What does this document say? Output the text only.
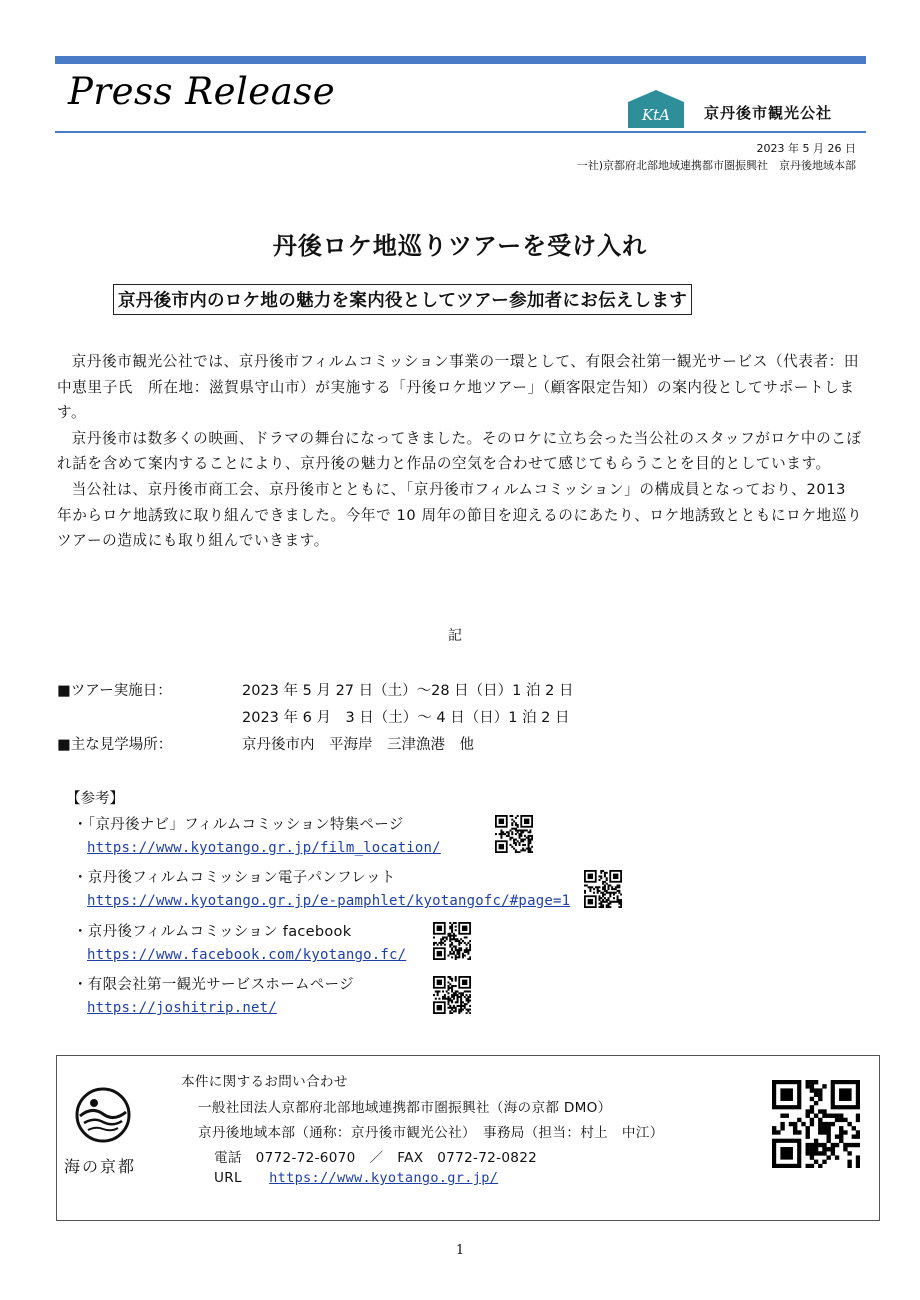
Press Release
KtA 京丹後市観光公社
2023 年 5 月 26 日
一社)京都府北部地域連携都市圏振興社　京丹後地域本部
丹後ロケ地巡りツアーを受け入れ
京丹後市内のロケ地の魅力を案内役としてツアー参加者にお伝えします

京丹後市観光公社では、京丹後市フィルムコミッション事業の一環として、有限会社第一観光サービス（代表者：田中恵里子氏　所在地：滋賀県守山市）が実施する「丹後ロケ地ツアー」（顧客限定告知）の案内役としてサポートします。

京丹後市は数多くの映画、ドラマの舞台になってきました。そのロケに立ち会った当公社のスタッフがロケ中のこぼれ話を含めて案内することにより、京丹後の魅力と作品の空気を合わせて感じてもらうことを目的としています。

当公社は、京丹後市商工会、京丹後市とともに、「京丹後市フィルムコミッション」の構成員となっており、2013 年からロケ地誘致に取り組んできました。今年で 10 周年の節目を迎えるのにあたり、ロケ地誘致とともにロケ地巡りツアーの造成にも取り組んでいきます。

記
■ツアー実施日：	2023 年 5 月 27 日（土）～28 日（日）1 泊 2 日
2023 年 6 月　3 日（土）～ 4 日（日）1 泊 2 日
■主な見学場所：	京丹後市内　平海岸　三津漁港　他
【参考】
・「京丹後ナビ」フィルムコミッション特集ページ
https://www.kyotango.gr.jp/film_location/
・京丹後フィルムコミッション電子パンフレット
https://www.kyotango.gr.jp/e-pamphlet/kyotangofc/#page=1
・京丹後フィルムコミッション facebook
https://www.facebook.com/kyotango.fc/
・有限会社第一観光サービスホームページ
https://joshitrip.net/
海の京都
本件に関するお問い合わせ
一般社団法人京都府北部地域連携都市圏振興社（海の京都 DMO）
京丹後地域本部（通称：京丹後市観光公社）　事務局（担当：村上　中江）
電話　0772-72-6070　／　FAX　0772-72-0822
URL https://www.kyotango.gr.jp/
1
